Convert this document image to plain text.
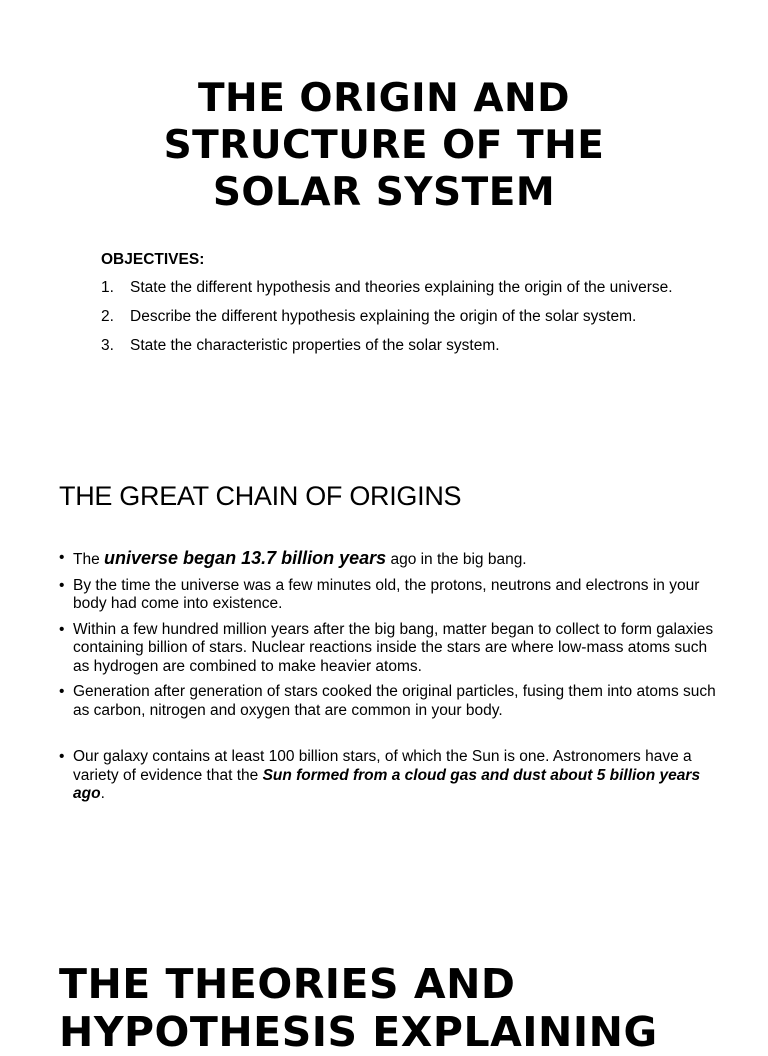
THE ORIGIN AND
STRUCTURE OF THE
SOLAR SYSTEM
OBJECTIVES:
1.	State the different hypothesis and theories explaining the origin of the universe.
2.	Describe the different hypothesis explaining the origin of the solar system.
3.	State the characteristic properties of the solar system.
THE GREAT CHAIN OF ORIGINS
• The universe began 13.7 billion years ago in the big bang.
• By the time the universe was a few minutes old, the protons, neutrons and electrons in your body had come into existence.
• Within a few hundred million years after the big bang, matter began to collect to form galaxies containing billion of stars. Nuclear reactions inside the stars are where low-mass atoms such as hydrogen are combined to make heavier atoms.
• Generation after generation of stars cooked the original particles, fusing them into atoms such as carbon, nitrogen and oxygen that are common in your body.
• Our galaxy contains at least 100 billion stars, of which the Sun is one. Astronomers have a variety of evidence that the Sun formed from a cloud gas and dust about 5 billion years ago.
THE THEORIES AND
HYPOTHESIS EXPLAINING
